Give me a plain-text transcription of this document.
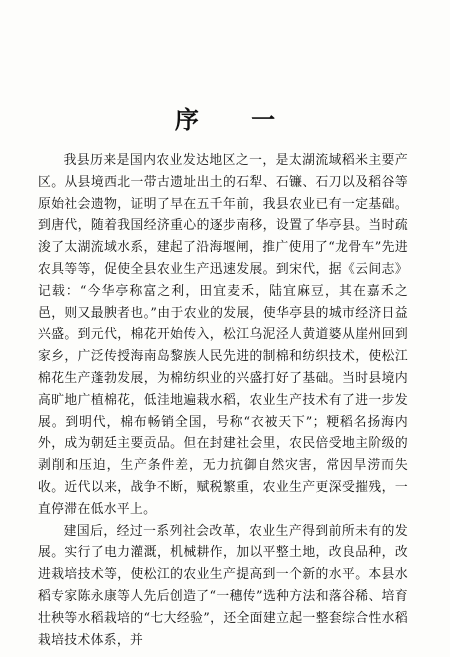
序 一

我县历来是国内农业发达地区之一，是太湖流域稻米主要产区。从县境西北一带古遗址出土的石犁、石镰、石刀以及稻谷等原始社会遗物，证明了早在五千年前，我县农业已有一定基础。到唐代，随着我国经济重心的逐步南移，设置了华亭县。当时疏浚了太湖流域水系，建起了沿海堰闸，推广使用了“龙骨车”先进农具等等，促使全县农业生产迅速发展。到宋代，据《云间志》记载：“今华亭称富之利，田宜麦禾，陆宜麻豆，其在嘉禾之邑，则又最腴者也。”由于农业的发展，使华亭县的城市经济日益兴盛。到元代，棉花开始传入，松江乌泥泾人黄道婆从崖州回到家乡，广泛传授海南岛黎族人民先进的制棉和纺织技术，使松江棉花生产蓬勃发展，为棉纺织业的兴盛打好了基础。当时县境内高旷地广植棉花，低洼地遍栽水稻，农业生产技术有了进一步发展。到明代，棉布畅销全国，号称“衣被天下”；粳稻名扬海内外，成为朝廷主要贡品。但在封建社会里，农民倍受地主阶级的剥削和压迫，生产条件差，无力抗御自然灾害，常因旱涝而失收。近代以来，战争不断，赋税繁重，农业生产更深受摧残，一直停滞在低水平上。

建国后，经过一系列社会改革，农业生产得到前所未有的发展。实行了电力灌溉，机械耕作，加以平整土地，改良品种，改进栽培技术等，使松江的农业生产提高到一个新的水平。本县水稻专家陈永康等人先后创造了“一穗传”选种方法和落谷稀、培育壮秧等水稻栽培的“七大经验”，还全面建立起一整套综合性水稻栽培技术体系，并
